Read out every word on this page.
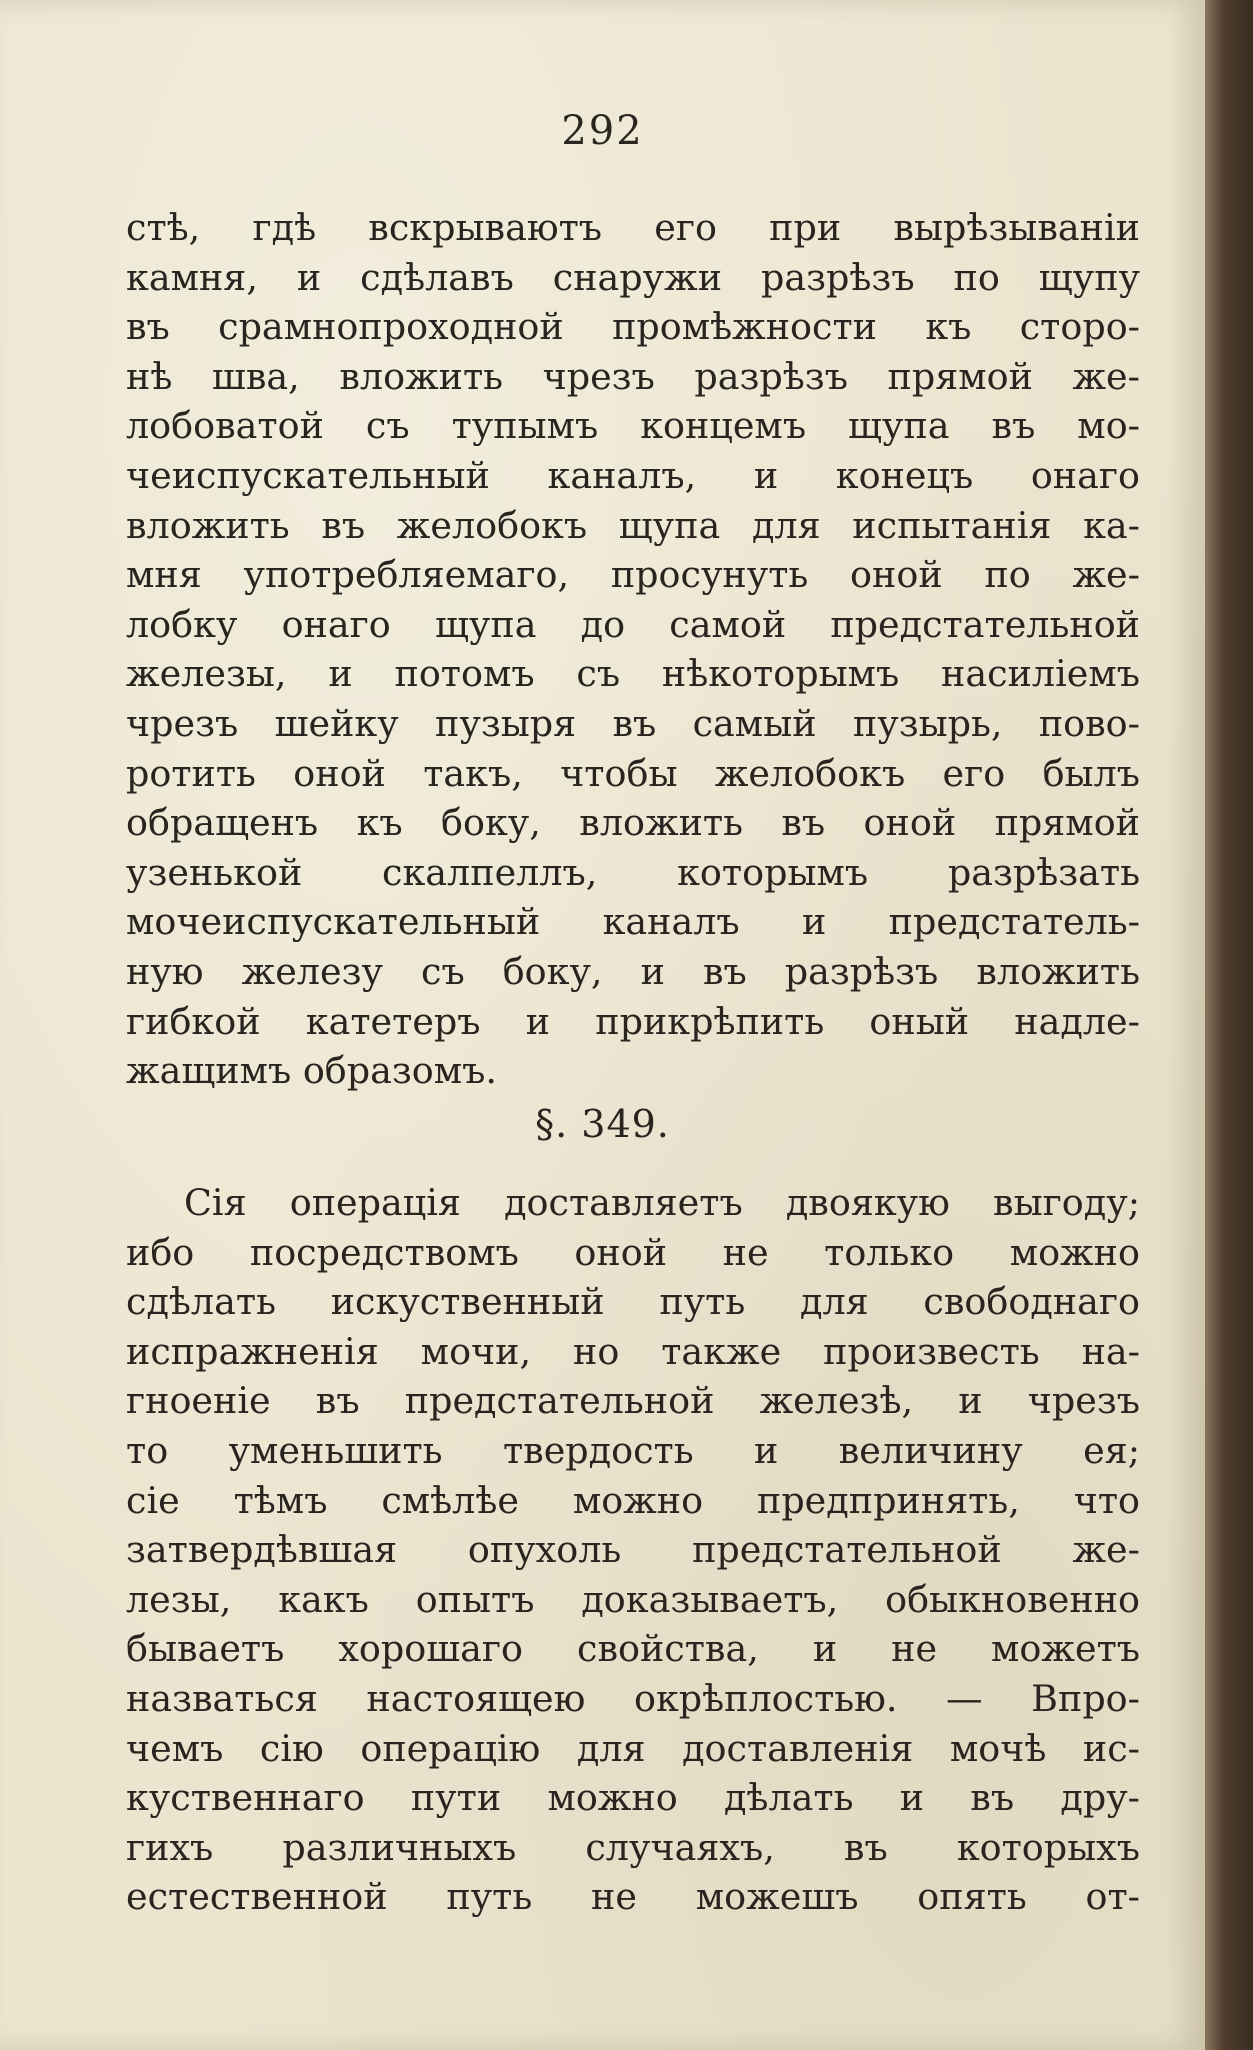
292
стѣ, гдѣ вскрываютъ его при вырѣзываніи
камня, и сдѣлавъ снаружи разрѣзъ по щупу
въ срамнопроходной промѣжности къ сторо-
нѣ шва, вложить чрезъ разрѣзъ прямой же-
лобоватой съ тупымъ концемъ щупа въ мо-
чеиспускательный каналъ, и конецъ онаго
вложить въ желобокъ щупа для испытанія ка-
мня употребляемаго, просунуть оной по же-
лобку онаго щупа до самой предстательной
железы, и потомъ съ нѣкоторымъ насиліемъ
чрезъ шейку пузыря въ самый пузырь, пово-
ротить оной такъ, чтобы желобокъ его былъ
обращенъ къ боку, вложить въ оной прямой
узенькой скалпеллъ, которымъ разрѣзать
мочеиспускательный каналъ и предстатель-
ную железу съ боку, и въ разрѣзъ вложить
гибкой катетеръ и прикрѣпить оный надле-
жащимъ образомъ.
§. 349.
Сія операція доставляетъ двоякую выгоду;
ибо посредствомъ оной не только можно
сдѣлать искуственный путь для свободнаго
испражненія мочи, но также произвесть на-
гноеніе въ предстательной железѣ, и чрезъ
то уменьшить твердость и величину ея;
сіе тѣмъ смѣлѣе можно предпринять, что
затвердѣвшая опухоль предстательной же-
лезы, какъ опытъ доказываетъ, обыкновенно
бываетъ хорошаго свойства, и не можетъ
назваться настоящею окрѣплостью. — Впро-
чемъ сію операцію для доставленія мочѣ ис-
куственнаго пути можно дѣлать и въ дру-
гихъ различныхъ случаяхъ, въ которыхъ
естественной путь не можешъ опять от-
